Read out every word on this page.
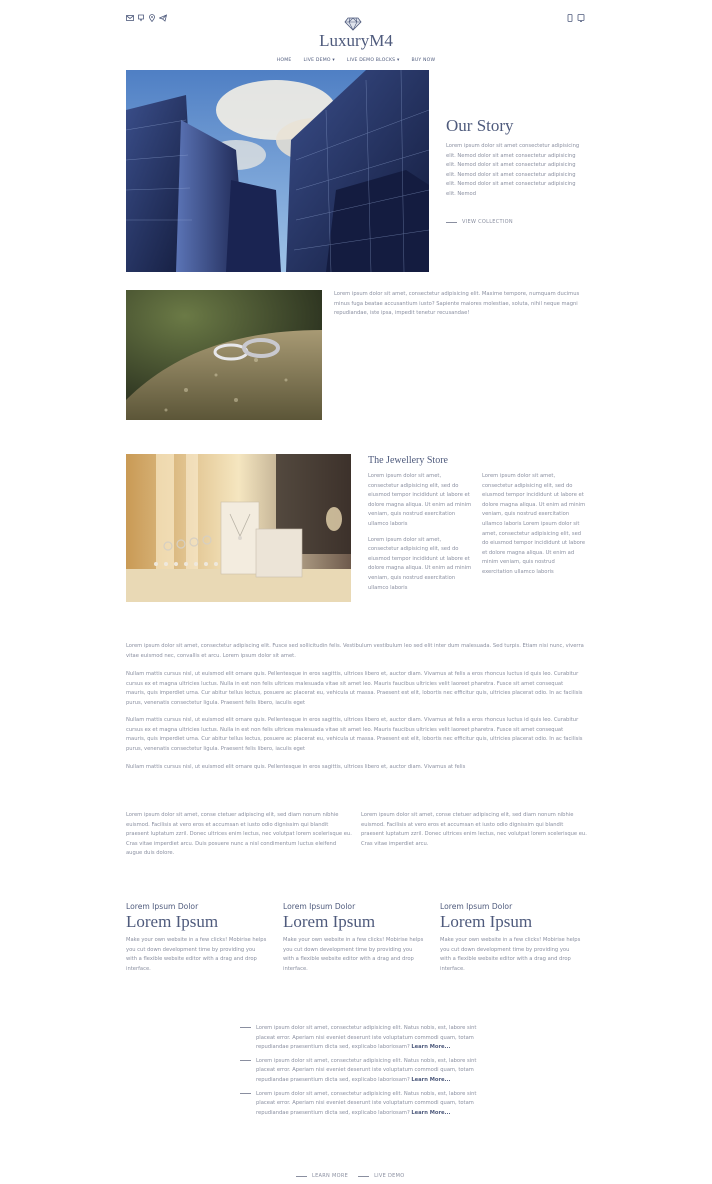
LuxuryM4
HOME	LIVE DEMO ▾	LIVE DEMO BLOCKS ▾	BUY NOW
Our Story
Lorem ipsum dolor sit amet consectetur adipisicing elit. Nemod dolor sit amet consectetur adipisicing elit. Nemod dolor sit amet consectetur adipisicing elit. Nemod dolor sit amet consectetur adipisicing elit. Nemod dolor sit amet consectetur adipisicing elit. Nemod
VIEW COLLECTION
Lorem ipsum dolor sit amet, consectetur adipisicing elit. Maxime tempore, numquam ducimus minus fuga beatae accusantium iusto? Sapiente maiores molestiae, soluta, nihil neque magni repudiandae, iste ipsa, impedit tenetur recusandae!
The Jewellery Store

Lorem ipsum dolor sit amet, consectetur adipisicing elit, sed do eiusmod tempor incididunt ut labore et dolore magna aliqua. Ut enim ad minim veniam, quis nostrud exercitation ullamco laboris

Lorem ipsum dolor sit amet, consectetur adipisicing elit, sed do eiusmod tempor incididunt ut labore et dolore magna aliqua. Ut enim ad minim veniam, quis nostrud exercitation ullamco laboris

Lorem ipsum dolor sit amet, consectetur adipisicing elit, sed do eiusmod tempor incididunt ut labore et dolore magna aliqua. Ut enim ad minim veniam, quis nostrud exercitation ullamco laboris Lorem ipsum dolor sit amet, consectetur adipisicing elit, sed do eiusmod tempor incididunt ut labore et dolore magna aliqua. Ut enim ad minim veniam, quis nostrud exercitation ullamco laboris
Lorem ipsum dolor sit amet, consectetur adipiscing elit. Fusce sed sollicitudin felis. Vestibulum vestibulum leo sed elit inter dum malesuada. Sed turpis. Etiam nisi nunc, viverra vitae euismod nec, convallis et arcu. Lorem ipsum dolor sit amet.
Nullam mattis cursus nisl, ut euismod elit ornare quis. Pellentesque in eros sagittis, ultrices libero et, auctor diam. Vivamus at felis a eros rhoncus luctus id quis leo. Curabitur cursus ex et magna ultricies luctus. Nulla in est non felis ultrices malesuada vitae sit amet leo. Mauris faucibus ultricies velit laoreet pharetra. Fusce sit amet consequat mauris, quis imperdiet urna. Cur abitur tellus lectus, posuere ac placerat eu, vehicula ut massa. Praesent est elit, lobortis nec efficitur quis, ultricies placerat odio. In ac facilisis purus, venenatis consectetur ligula. Praesent felis libero, iaculis eget
Nullam mattis cursus nisl, ut euismod elit ornare quis. Pellentesque in eros sagittis, ultrices libero et, auctor diam. Vivamus at felis a eros rhoncus luctus id quis leo. Curabitur cursus ex et magna ultricies luctus. Nulla in est non felis ultrices malesuada vitae sit amet leo. Mauris faucibus ultricies velit laoreet pharetra. Fusce sit amet consequat mauris, quis imperdiet urna. Cur abitur tellus lectus, posuere ac placerat eu, vehicula ut massa. Praesent est elit, lobortis nec efficitur quis, ultricies placerat odio. In ac facilisis purus, venenatis consectetur ligula. Praesent felis libero, iaculis eget
Nullam mattis cursus nisl, ut euismod elit ornare quis. Pellentesque in eros sagittis, ultrices libero et, auctor diam. Vivamus at felis
Lorem ipsum dolor sit amet, conse ctetuer adipiscing elit, sed diam nonum nibhie euismod. Facilisis at vero eros et accumsan et iusto odio dignissim qui blandit praesent luptatum zzril. Donec ultrices enim lectus, nec volutpat lorem scelerisque eu. Cras vitae imperdiet arcu. Duis posuere nunc a nisl condimentum luctus eleifend augue duis dolore.
Lorem ipsum dolor sit amet, conse ctetuer adipiscing elit, sed diam nonum nibhie euismod. Facilisis at vero eros et accumsan et iusto odio dignissim qui blandit praesent luptatum zzril. Donec ultrices enim lectus, nec volutpat lorem scelerisque eu. Cras vitae imperdiet arcu.
Lorem Ipsum Dolor
Lorem Ipsum
Make your own website in a few clicks! Mobirise helps you cut down development time by providing you with a flexible website editor with a drag and drop interface.
Lorem Ipsum Dolor
Lorem Ipsum
Make your own website in a few clicks! Mobirise helps you cut down development time by providing you with a flexible website editor with a drag and drop interface.
Lorem Ipsum Dolor
Lorem Ipsum
Make your own website in a few clicks! Mobirise helps you cut down development time by providing you with a flexible website editor with a drag and drop interface.

Lorem ipsum dolor sit amet, consectetur adipisicing elit. Natus nobis, est, labore sint placeat error. Aperiam nisi eveniet deserunt iste voluptatum commodi quam, totam repudiandae praesentium dicta sed, explicabo laboriosam? Learn More...

Lorem ipsum dolor sit amet, consectetur adipisicing elit. Natus nobis, est, labore sint placeat error. Aperiam nisi eveniet deserunt iste voluptatum commodi quam, totam repudiandae praesentium dicta sed, explicabo laboriosam? Learn More...

Lorem ipsum dolor sit amet, consectetur adipisicing elit. Natus nobis, est, labore sint placeat error. Aperiam nisi eveniet deserunt iste voluptatum commodi quam, totam repudiandae praesentium dicta sed, explicabo laboriosam? Learn More...

LEARN MORE	LIVE DEMO
